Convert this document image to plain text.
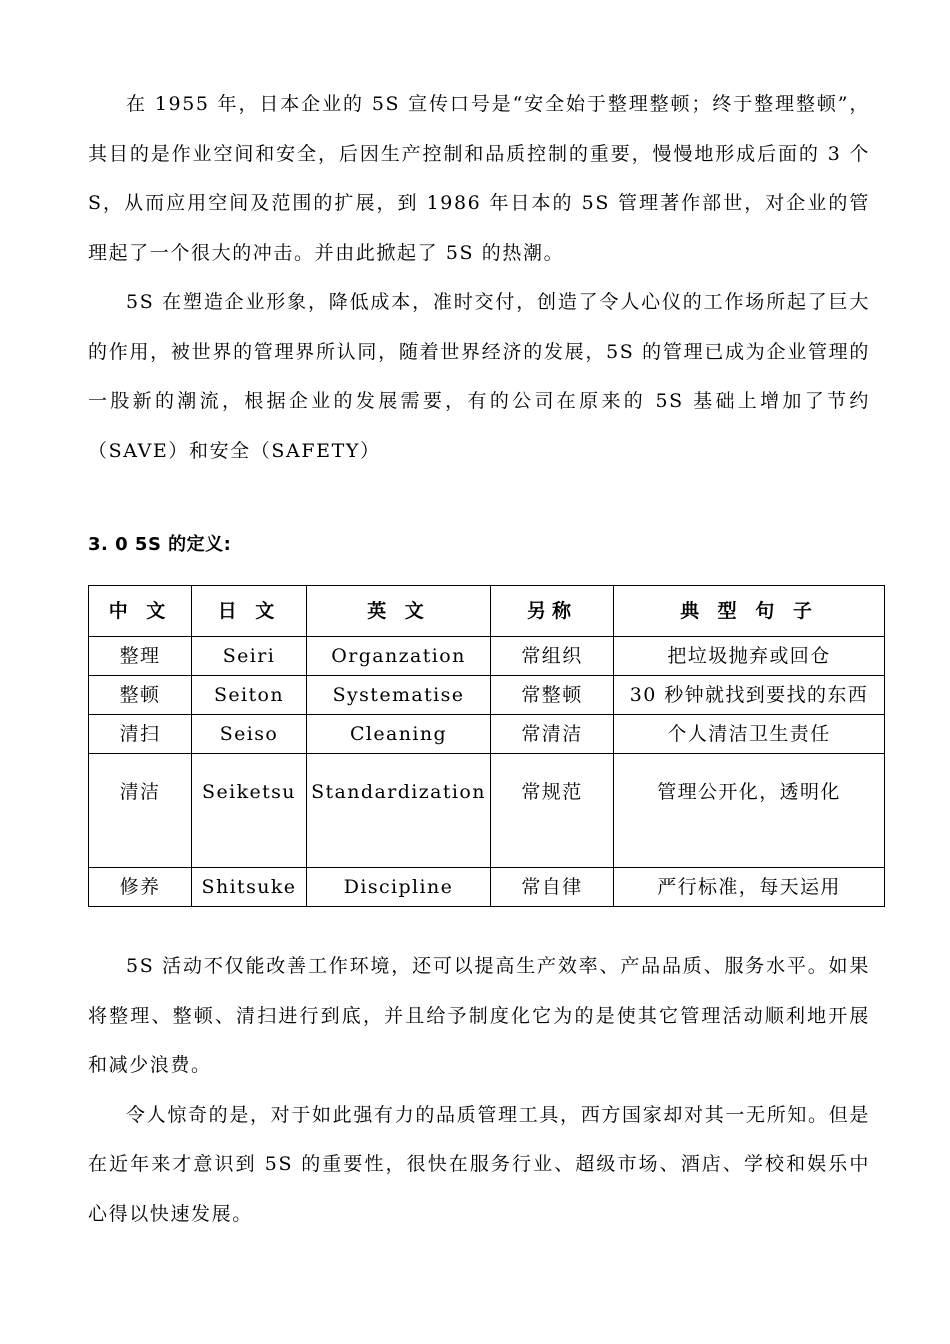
在 1955 年，日本企业的 5S 宣传口号是“安全始于整理整顿；终于整理整顿”，其目的是作业空间和安全，后因生产控制和品质控制的重要，慢慢地形成后面的 3 个 S，从而应用空间及范围的扩展，到 1986 年日本的 5S 管理著作部世，对企业的管理起了一个很大的冲击。并由此掀起了 5S 的热潮。

5S 在塑造企业形象，降低成本，准时交付，创造了令人心仪的工作场所起了巨大的作用，被世界的管理界所认同，随着世界经济的发展，5S 的管理已成为企业管理的一股新的潮流，根据企业的发展需要，有的公司在原来的 5S 基础上增加了节约（SAVE）和安全（SAFETY）

3. 0 5S 的定义:
中 文	日 文	英 文	另称	典 型 句 子
整理	Seiri	Organzation	常组织	把垃圾抛弃或回仓
整顿	Seiton	Systematise	常整顿	30 秒钟就找到要找的东西
清扫	Seiso	Cleaning	常清洁	个人清洁卫生责任
清洁	Seiketsu	Standardization	常规范	管理公开化，透明化
修养	Shitsuke	Discipline	常自律	严行标准，每天运用

5S 活动不仅能改善工作环境，还可以提高生产效率、产品品质、服务水平。如果将整理、整顿、清扫进行到底，并且给予制度化它为的是使其它管理活动顺利地开展和减少浪费。

令人惊奇的是，对于如此强有力的品质管理工具，西方国家却对其一无所知。但是在近年来才意识到 5S 的重要性，很快在服务行业、超级市场、酒店、学校和娱乐中心得以快速发展。
